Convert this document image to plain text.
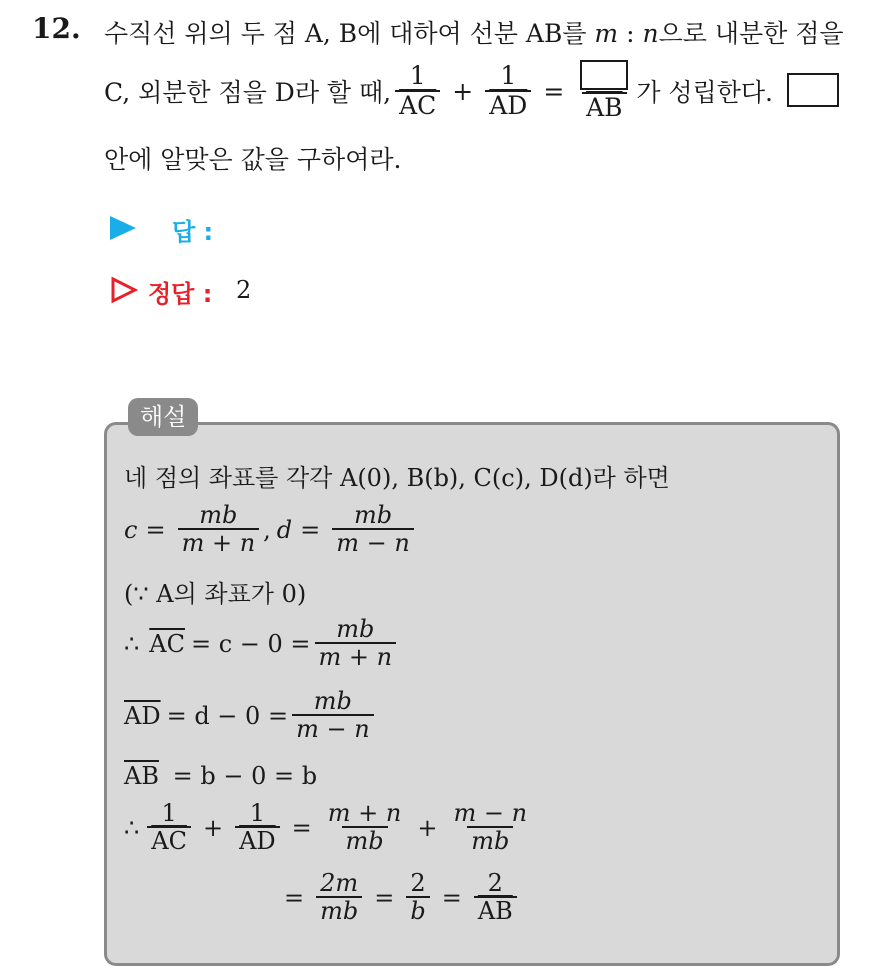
12. 수직선 위의 두 점 A, B에 대하여 선분 AB를 m : n으로 내분한 점을
C, 외분한 점을 D라 할 때, $\frac{1}{AC} + \frac{1}{AD}$ =
$\overline{AB}$
가 성립한다.
안에 알맞은 값을 구하여라.
답 :
정답 : 2
해설
네 점의 좌표를 각각 A(0), B(b), C(c), D(d)라 하면
$c = \frac{mb}{m + n}$ , $d = \frac{mb}{m - n}$
(∵ A의 좌표가 0)
∴ $\overline{AC} = c - 0 = \frac{mb}{m + n}$
$\overline{AD} = d - 0 = \frac{mb}{m - n}$
$\overline{AB} = b - 0 = b$
∴ $\frac{1}{AC} + \frac{1}{AD} = \frac{m + n}{mb} + \frac{m - n}{mb}$
= $\frac{2m}{mb} = \frac{2}{b} = \frac{2}{AB}$
